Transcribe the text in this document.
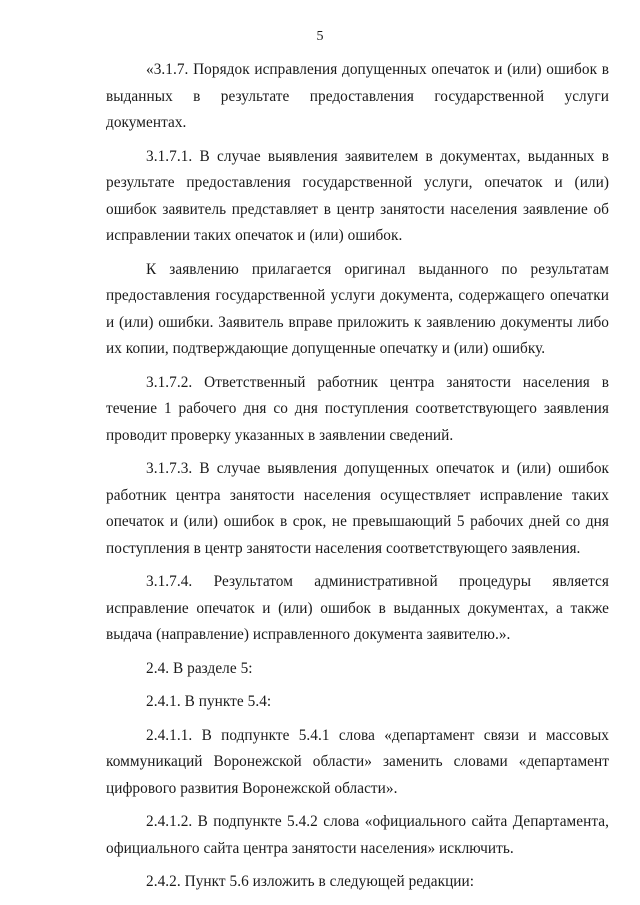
5

«3.1.7. Порядок исправления допущенных опечаток и (или) ошибок в выданных в результате предоставления государственной услуги документах.

3.1.7.1. В случае выявления заявителем в документах, выданных в результате предоставления государственной услуги, опечаток и (или) ошибок заявитель представляет в центр занятости населения заявление об исправлении таких опечаток и (или) ошибок.

К заявлению прилагается оригинал выданного по результатам предоставления государственной услуги документа, содержащего опечатки и (или) ошибки. Заявитель вправе приложить к заявлению документы либо их копии, подтверждающие допущенные опечатку и (или) ошибку.

3.1.7.2. Ответственный работник центра занятости населения в течение 1 рабочего дня со дня поступления соответствующего заявления проводит проверку указанных в заявлении сведений.

3.1.7.3. В случае выявления допущенных опечаток и (или) ошибок работник центра занятости населения осуществляет исправление таких опечаток и (или) ошибок в срок, не превышающий 5 рабочих дней со дня поступления в центр занятости населения соответствующего заявления.

3.1.7.4. Результатом административной процедуры является исправление опечаток и (или) ошибок в выданных документах, а также выдача (направление) исправленного документа заявителю.».

2.4. В разделе 5:

2.4.1. В пункте 5.4:

2.4.1.1. В подпункте 5.4.1 слова «департамент связи и массовых коммуникаций Воронежской области» заменить словами «департамент цифрового развития Воронежской области».

2.4.1.2. В подпункте 5.4.2 слова «официального сайта Департамента, официального сайта центра занятости населения» исключить.

2.4.2. Пункт 5.6 изложить в следующей редакции:
